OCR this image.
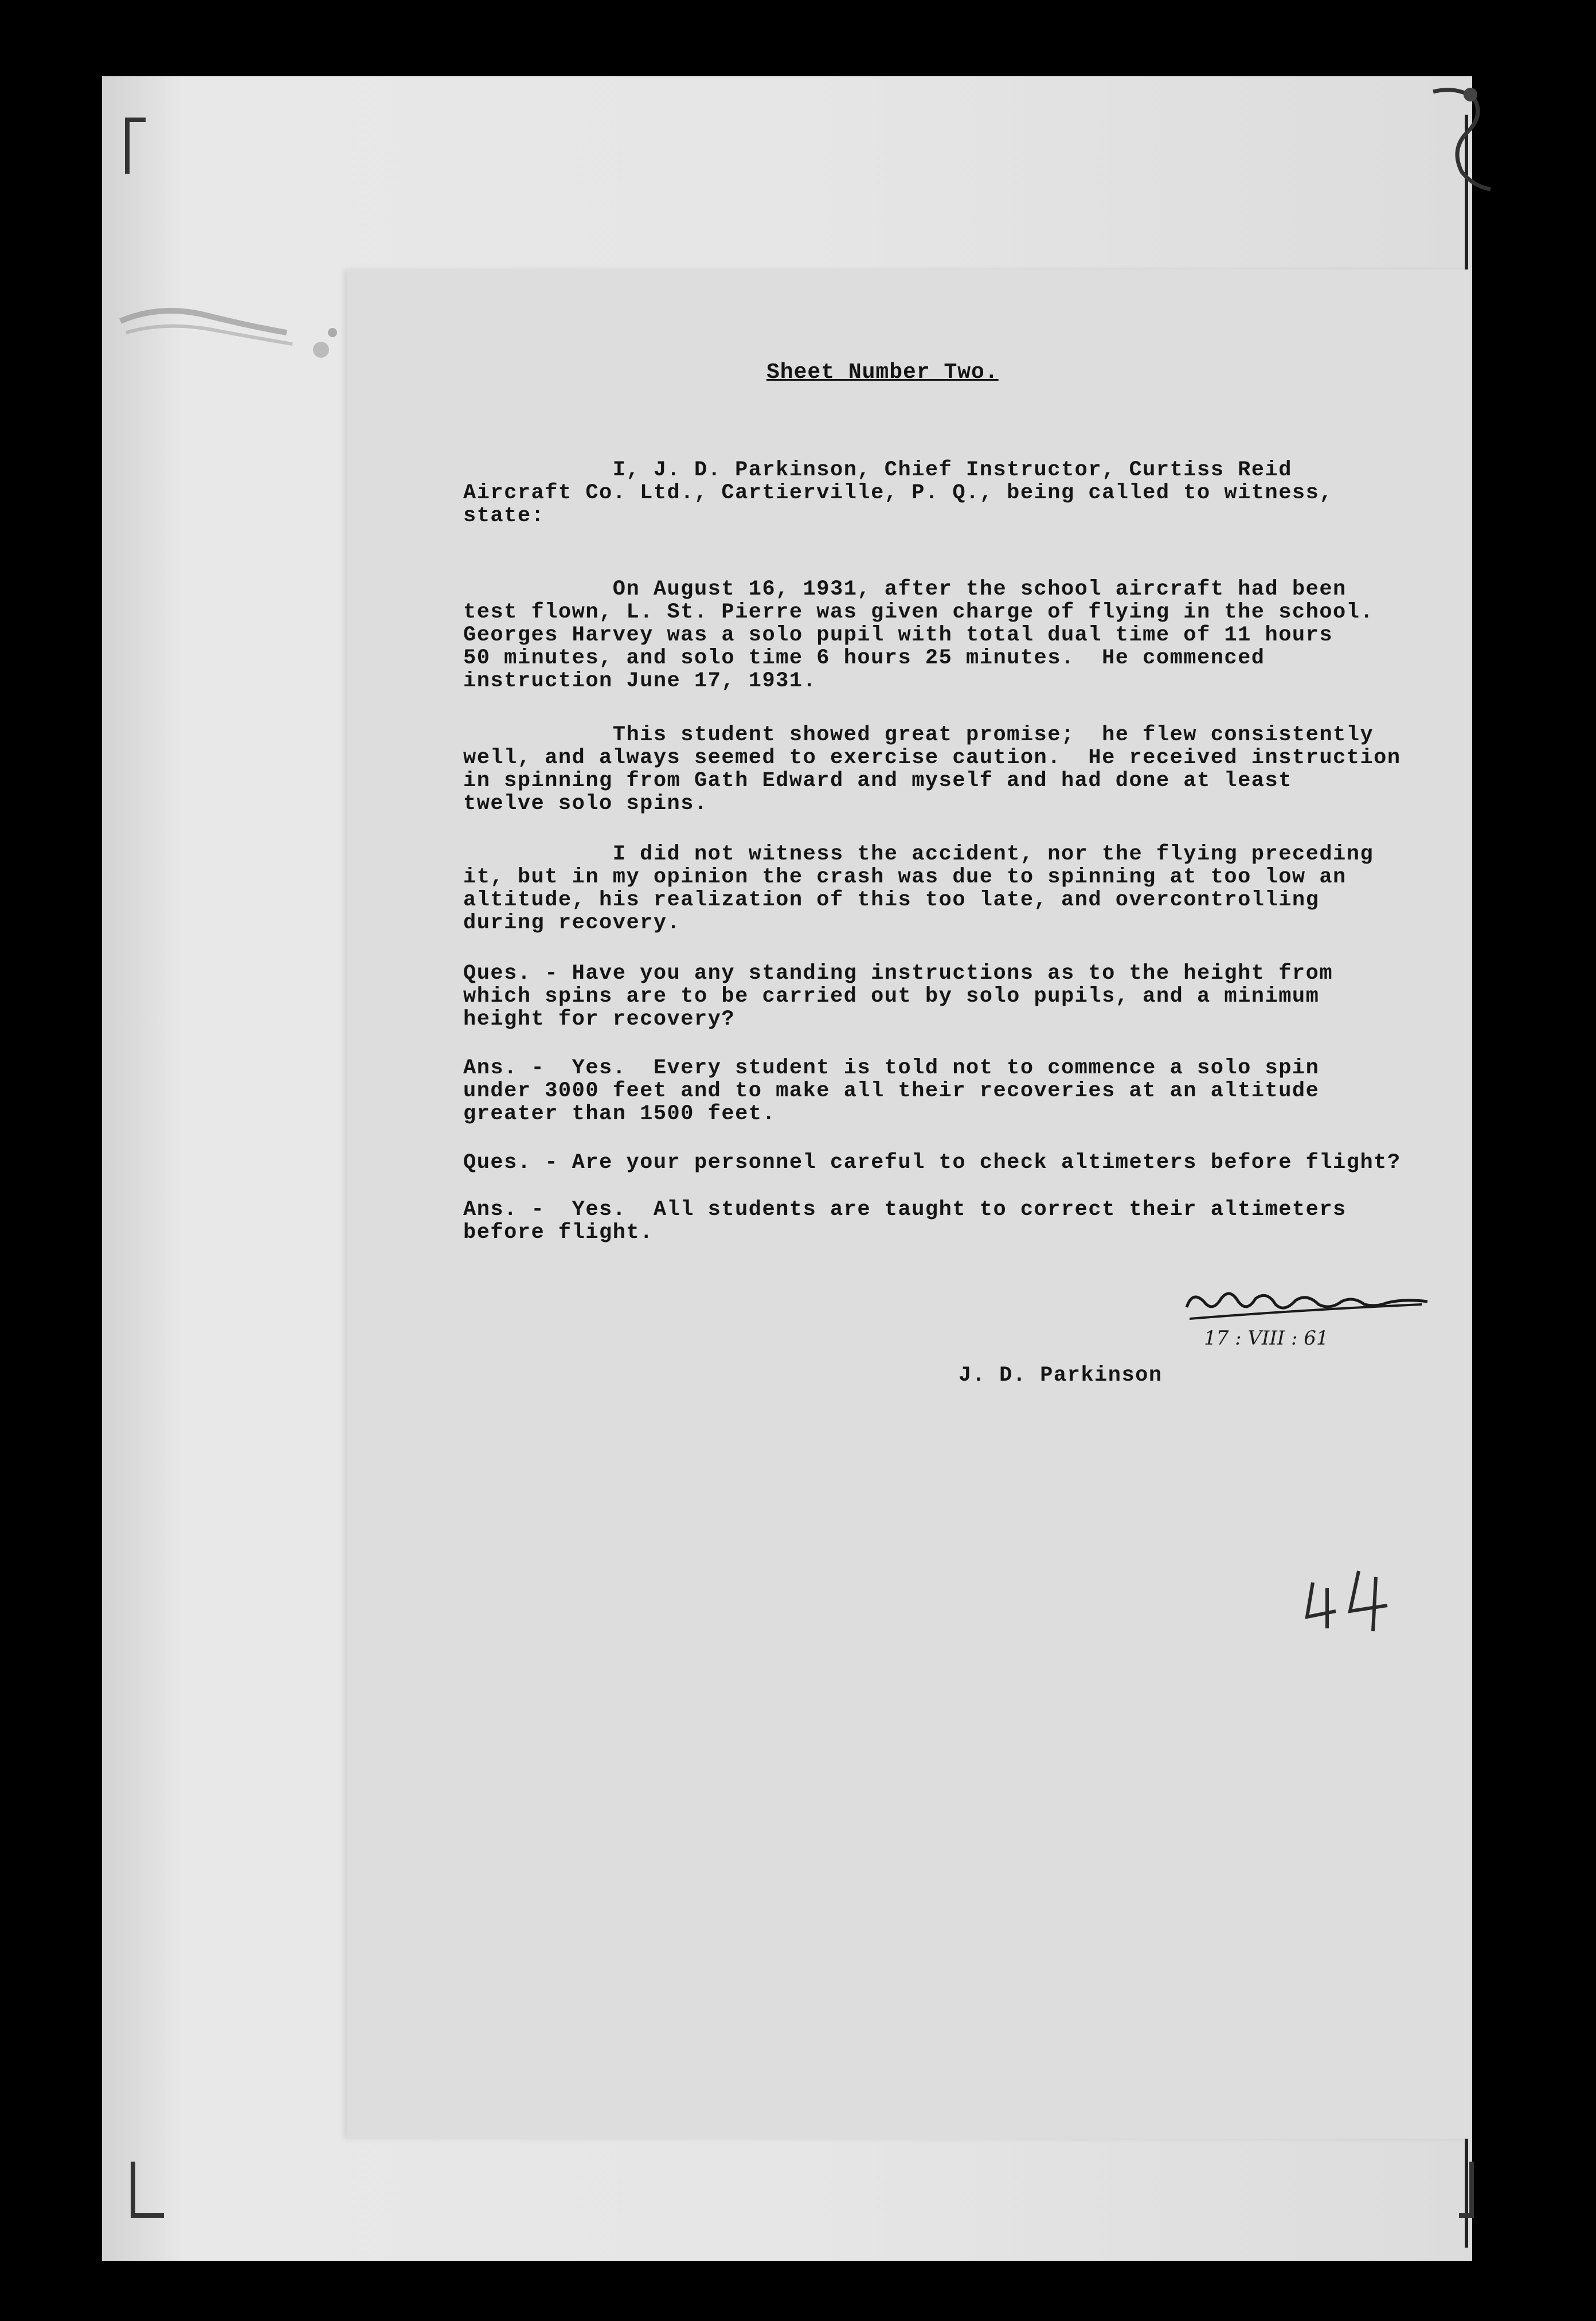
Sheet Number Two.
I, J. D. Parkinson, Chief Instructor, Curtiss Reid
Aircraft Co. Ltd., Cartierville, P. Q., being called to witness,
state:
On August 16, 1931, after the school aircraft had been
test flown, L. St. Pierre was given charge of flying in the school.
Georges Harvey was a solo pupil with total dual time of 11 hours
50 minutes, and solo time 6 hours 25 minutes.  He commenced
instruction June 17, 1931.
This student showed great promise;  he flew consistently
well, and always seemed to exercise caution.  He received instruction
in spinning from Gath Edward and myself and had done at least
twelve solo spins.
I did not witness the accident, nor the flying preceding
it, but in my opinion the crash was due to spinning at too low an
altitude, his realization of this too late, and overcontrolling
during recovery.
Ques. - Have you any standing instructions as to the height from
which spins are to be carried out by solo pupils, and a minimum
height for recovery?
Ans. -  Yes.  Every student is told not to commence a solo spin
under 3000 feet and to make all their recoveries at an altitude
greater than 1500 feet.
Ques. - Are your personnel careful to check altimeters before flight?
Ans. -  Yes.  All students are taught to correct their altimeters
before flight.
17 : VIII : 61
J. D. Parkinson
